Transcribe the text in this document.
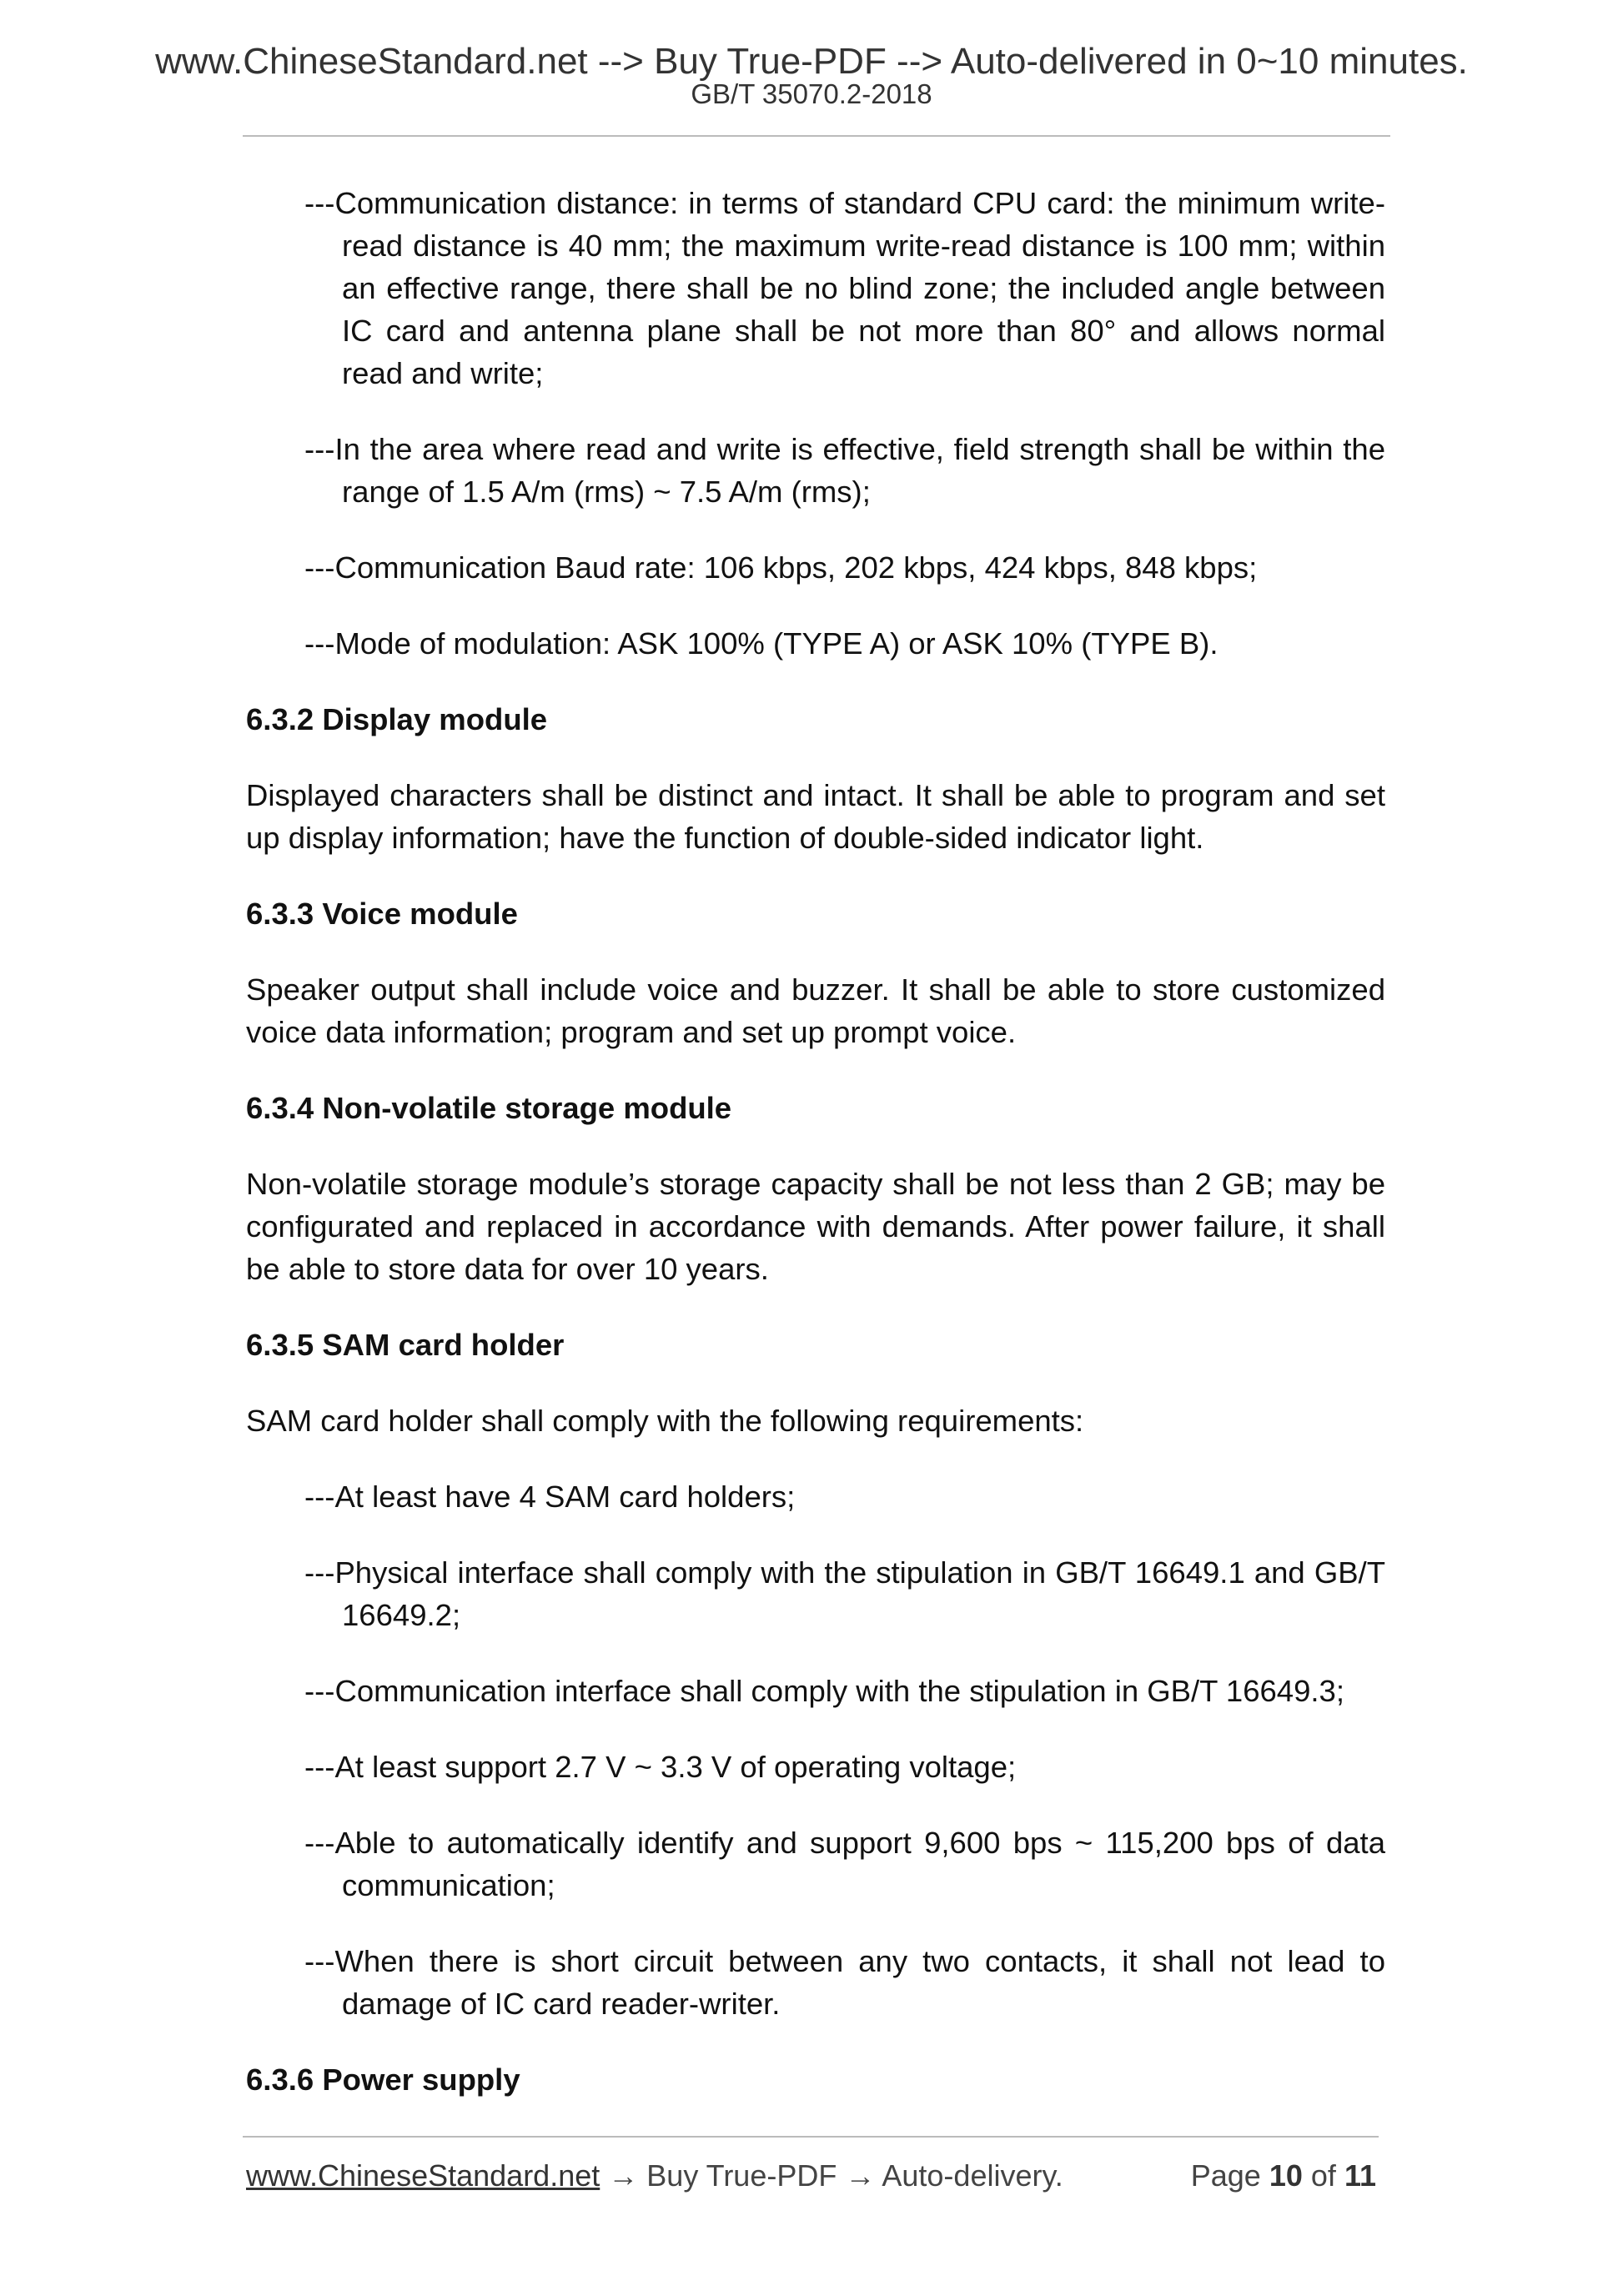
www.ChineseStandard.net --> Buy True-PDF --> Auto-delivered in 0~10 minutes.
GB/T 35070.2-2018

---Communication distance: in terms of standard CPU card: the minimum write-read distance is 40 mm; the maximum write-read distance is 100 mm; within an effective range, there shall be no blind zone; the included angle between IC card and antenna plane shall be not more than 80° and allows normal read and write;

---In the area where read and write is effective, field strength shall be within the range of 1.5 A/m (rms) ~ 7.5 A/m (rms);

---Communication Baud rate: 106 kbps, 202 kbps, 424 kbps, 848 kbps;

---Mode of modulation: ASK 100% (TYPE A) or ASK 10% (TYPE B).

6.3.2 Display module

Displayed characters shall be distinct and intact. It shall be able to program and set up display information; have the function of double-sided indicator light.

6.3.3 Voice module

Speaker output shall include voice and buzzer. It shall be able to store customized voice data information; program and set up prompt voice.

6.3.4 Non-volatile storage module

Non-volatile storage module’s storage capacity shall be not less than 2 GB; may be configurated and replaced in accordance with demands. After power failure, it shall be able to store data for over 10 years.

6.3.5 SAM card holder

SAM card holder shall comply with the following requirements:

---At least have 4 SAM card holders;

---Physical interface shall comply with the stipulation in GB/T 16649.1 and GB/T 16649.2;

---Communication interface shall comply with the stipulation in GB/T 16649.3;

---At least support 2.7 V ~ 3.3 V of operating voltage;

---Able to automatically identify and support 9,600 bps ~ 115,200 bps of data communication;

---When there is short circuit between any two contacts, it shall not lead to damage of IC card reader-writer.

6.3.6 Power supply

www.ChineseStandard.net → Buy True-PDF → Auto-delivery.	Page 10 of 11
